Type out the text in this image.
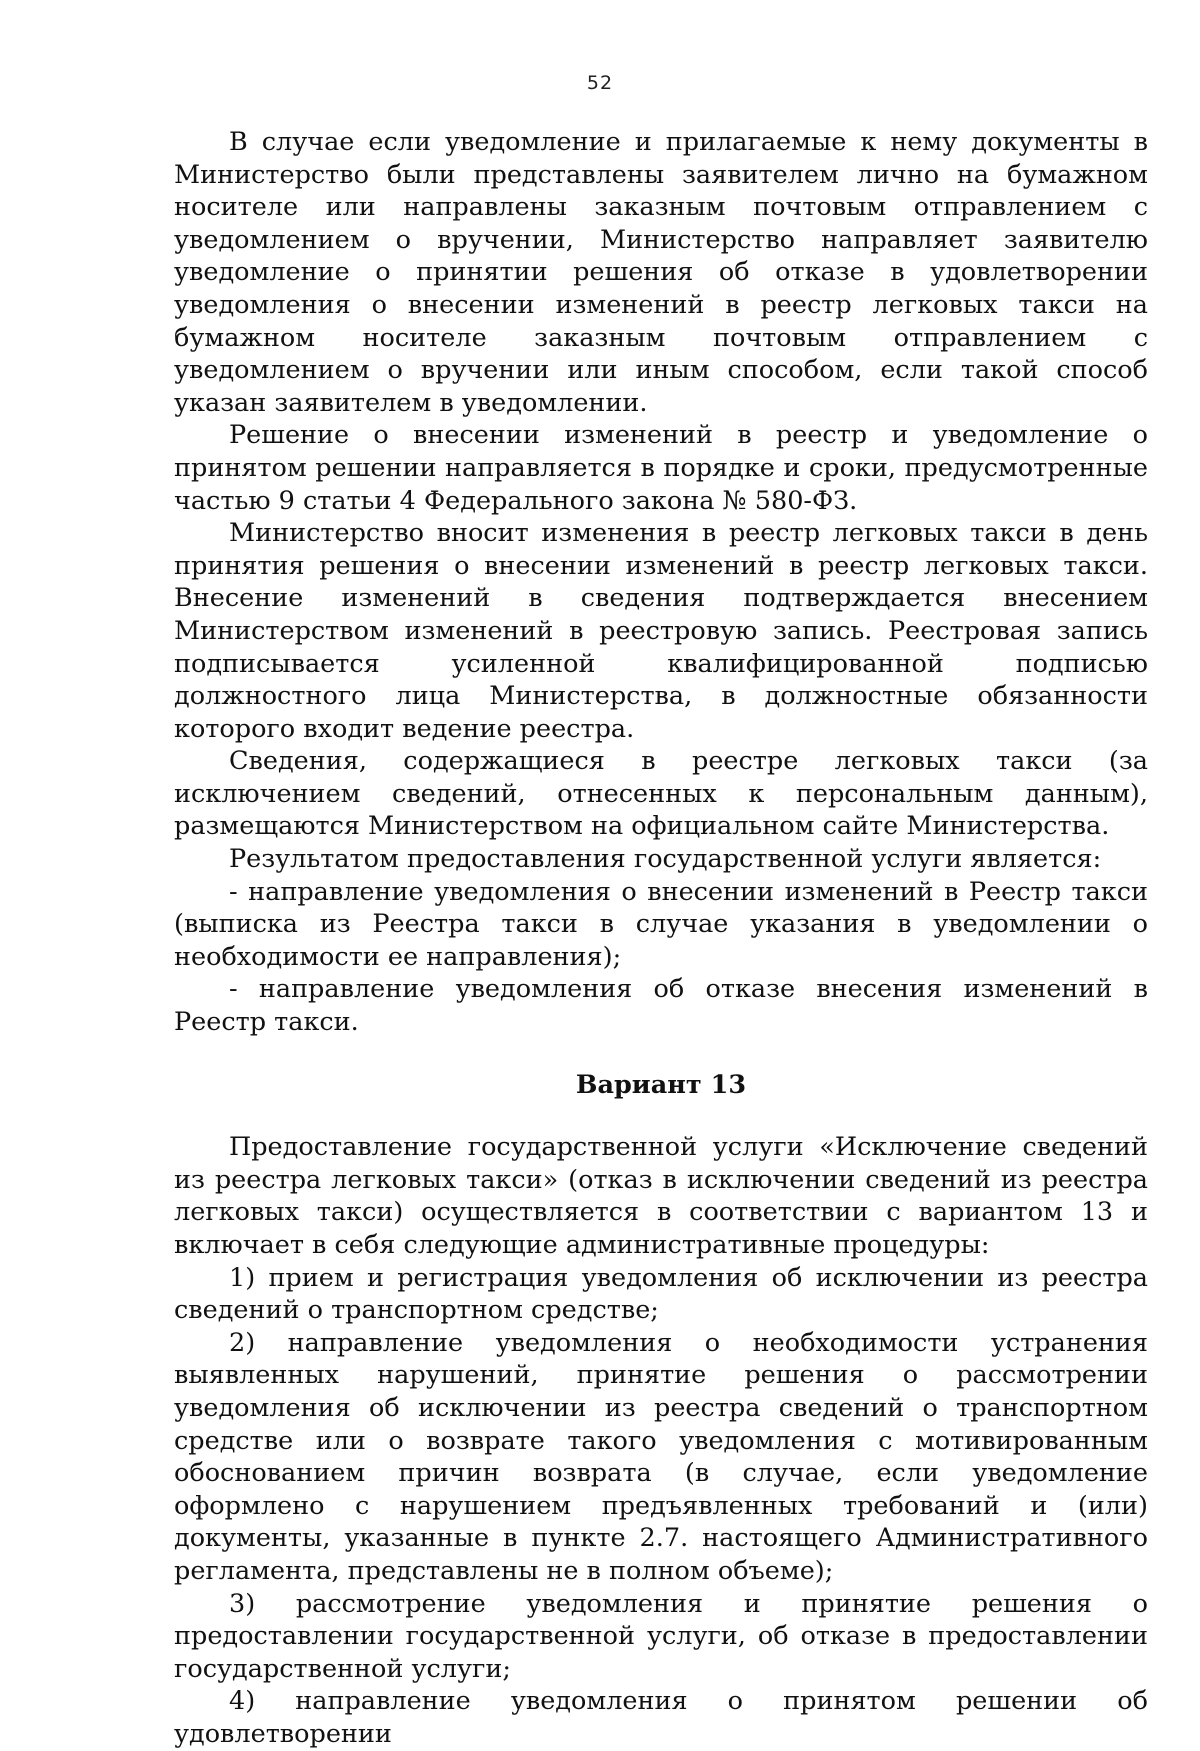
52

В случае если уведомление и прилагаемые к нему документы в Министерство были представлены заявителем лично на бумажном носителе или направлены заказным почтовым отправлением с уведомлением о вручении, Министерство направляет заявителю уведомление о принятии решения об отказе в удовлетворении уведомления о внесении изменений в реестр легковых такси на бумажном носителе заказным почтовым отправлением с уведомлением о вручении или иным способом, если такой способ указан заявителем в уведомлении.

Решение о внесении изменений в реестр и уведомление о принятом решении направляется в порядке и сроки, предусмотренные частью 9 статьи 4 Федерального закона № 580-ФЗ.

Министерство вносит изменения в реестр легковых такси в день принятия решения о внесении изменений в реестр легковых такси. Внесение изменений в сведения подтверждается внесением Министерством изменений в реестровую запись. Реестровая запись подписывается усиленной квалифицированной подписью должностного лица Министерства, в должностные обязанности которого входит ведение реестра.

Сведения, содержащиеся в реестре легковых такси (за исключением сведений, отнесенных к персональным данным), размещаются Министерством на официальном сайте Министерства.

Результатом предоставления государственной услуги является:

- направление уведомления о внесении изменений в Реестр такси (выписка из Реестра такси в случае указания в уведомлении о необходимости ее направления);

- направление уведомления об отказе внесения изменений в Реестр такси.

Вариант 13

Предоставление государственной услуги «Исключение сведений из реестра легковых такси» (отказ в исключении сведений из реестра легковых такси) осуществляется в соответствии с вариантом 13 и включает в себя следующие административные процедуры:

1) прием и регистрация уведомления об исключении из реестра сведений о транспортном средстве;

2) направление уведомления о необходимости устранения выявленных нарушений, принятие решения о рассмотрении уведомления об исключении из реестра сведений о транспортном средстве или о возврате такого уведомления с мотивированным обоснованием причин возврата (в случае, если уведомление оформлено с нарушением предъявленных требований и (или) документы, указанные в пункте 2.7. настоящего Административного регламента, представлены не в полном объеме);

3) рассмотрение уведомления и принятие решения о предоставлении государственной услуги, об отказе в предоставлении государственной услуги;

4) направление уведомления о принятом решении об удовлетворении
